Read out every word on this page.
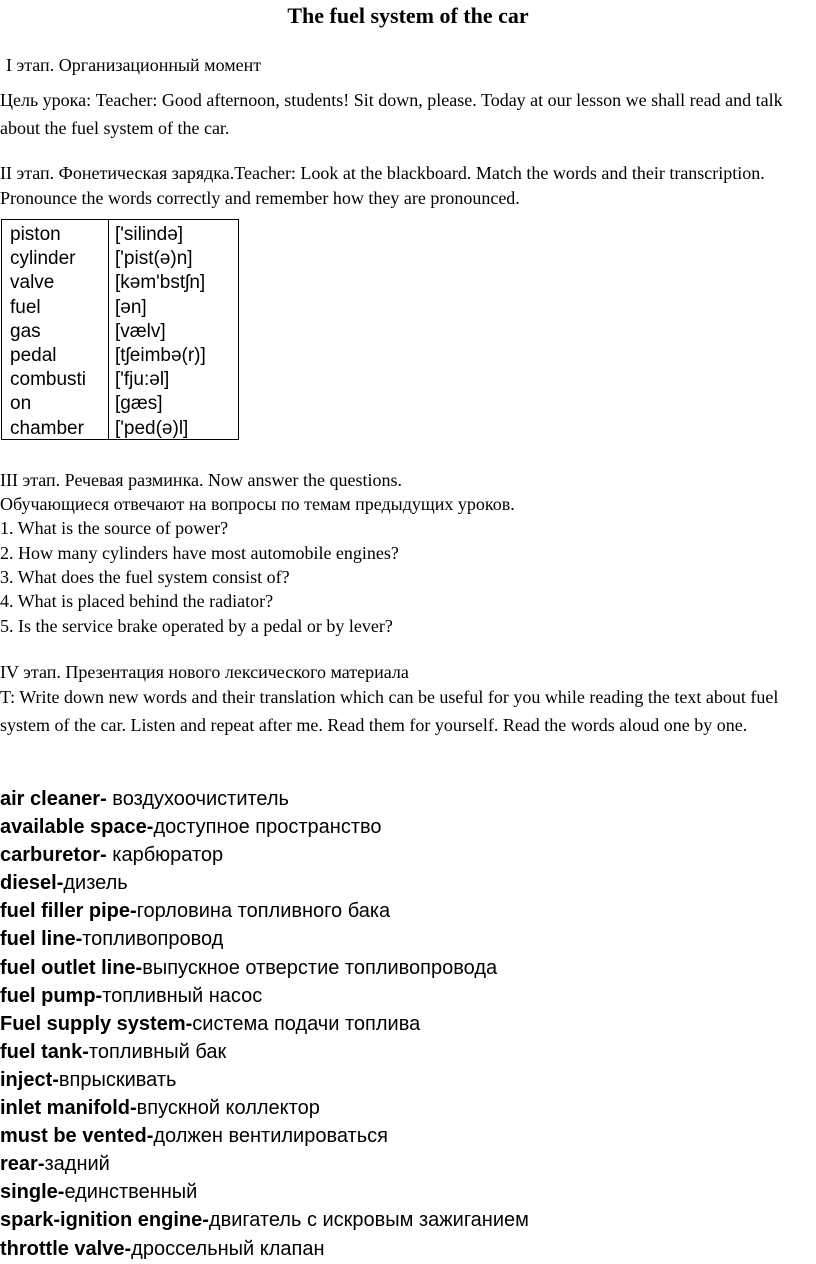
The fuel system of the car

I этап. Организационный момент

Цель урока: Teacher: Good afternoon, students! Sit down, please. Today at our lesson we shall read and talk about the fuel system of the car.

II этап. Фонетическая зарядка.Teacher: Look at the blackboard. Match the words and their transcription. Pronounce the words correctly and remember how they are pronounced.

piston
cylinder
valve
fuel
gas
pedal
combusti
on
chamber
['silində]
['pist(ə)n]
[kəm'bstʃn]
[ən]
[vælv]
[tʃeimbə(r)]
['fju:əl]
[gæs]
['ped(ə)l]

III этап. Речевая разминка. Now answer the questions.

Обучающиеся отвечают на вопросы по темам предыдущих уроков.

1. What is the source of power?

2. How many cylinders have most automobile engines?

3. What does the fuel system consist of?

4. What is placed behind the radiator?

5. Is the service brake operated by a pedal or by lever?

IV этап. Презентация нового лексического материала

T: Write down new words and their translation which can be useful for you while reading the text about fuel system of the car. Listen and repeat after me. Read them for yourself. Read the words aloud one by one.

air cleaner- воздухоочиститель
available space-доступное пространство
carburetor- карбюратор
diesel-дизель
fuel filler pipe-горловина топливного бака
fuel line-топливопровод
fuel outlet line-выпускное отверстие топливопровода
fuel pump-топливный насос
Fuel supply system-система подачи топлива
fuel tank-топливный бак
inject-впрыскивать
inlet manifold-впускной коллектор
must be vented-должен вентилироваться
rear-задний
single-единственный
spark-ignition engine-двигатель с искровым зажиганием
throttle valve-дроссельный клапан
